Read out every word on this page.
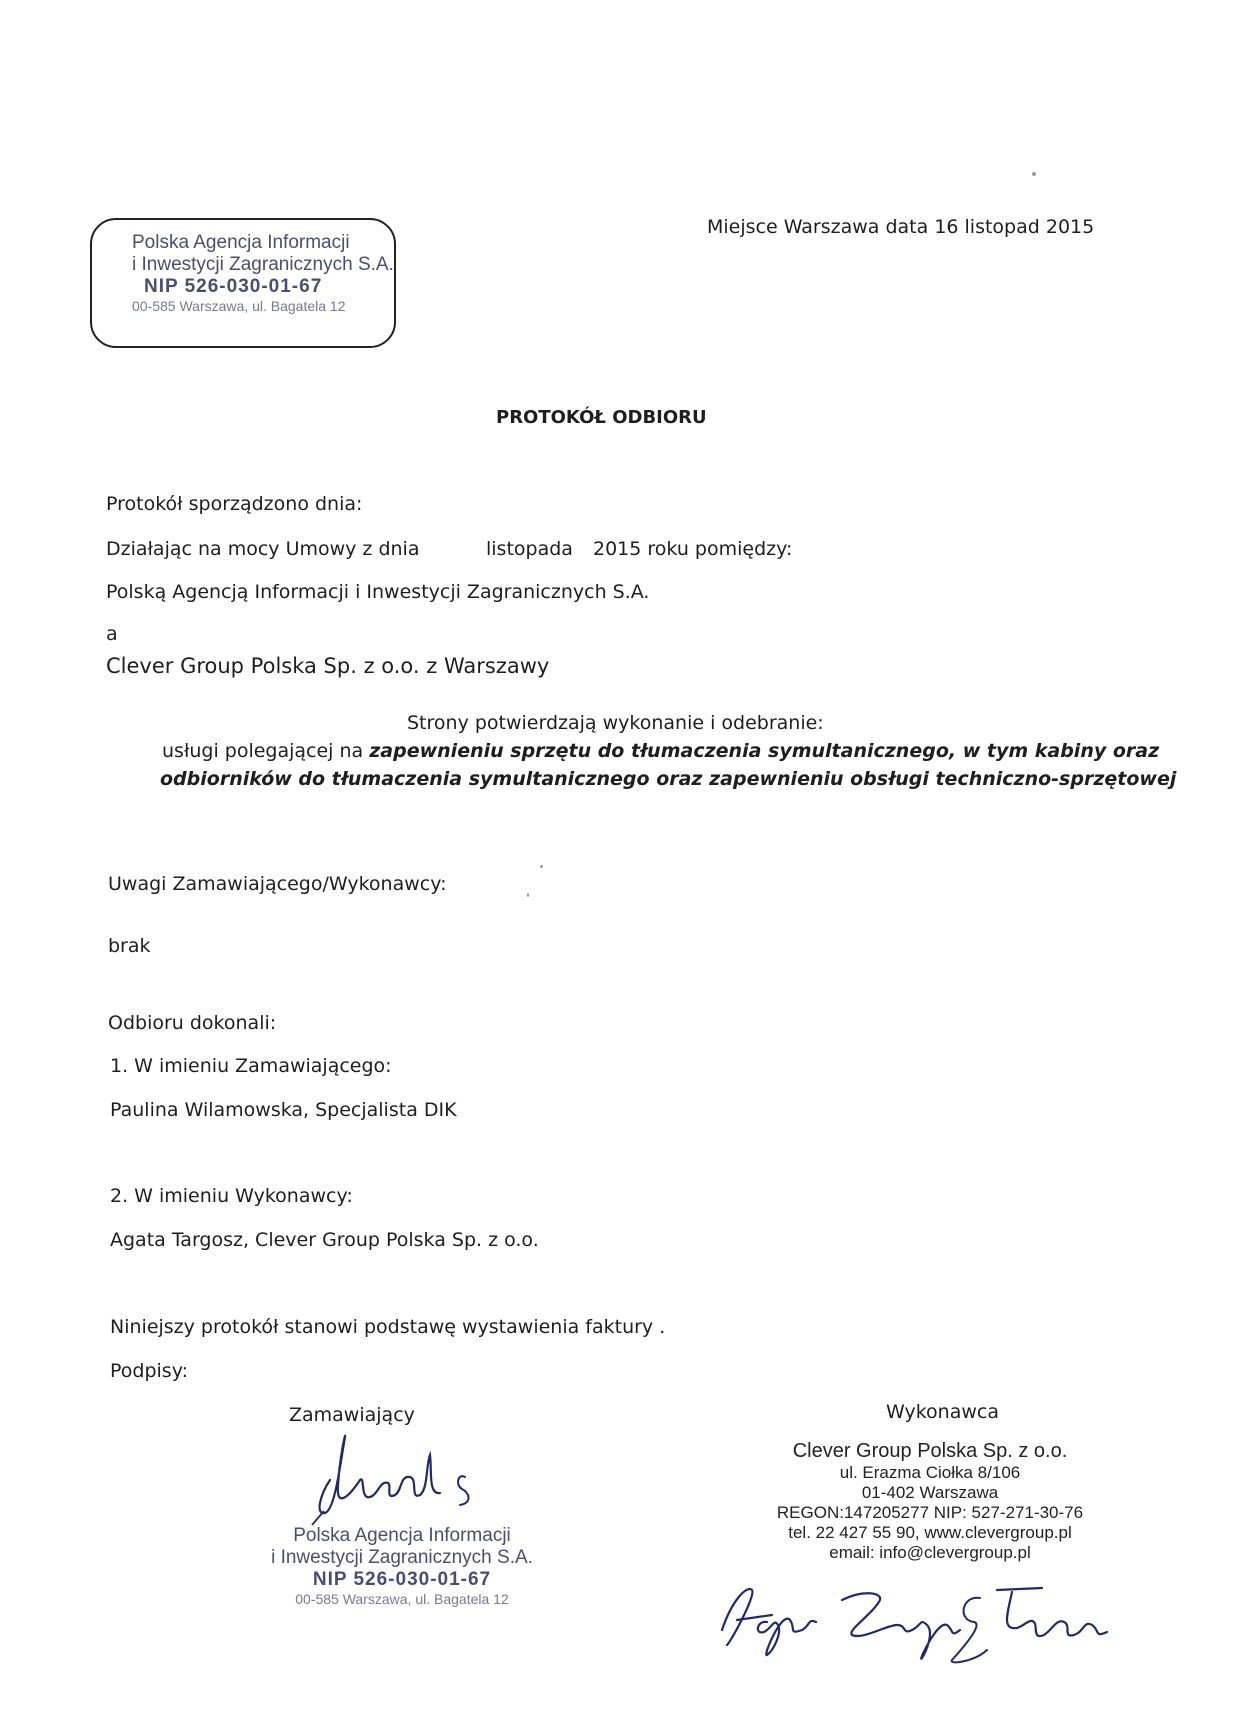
Polska Agencja Informacji
i Inwestycji Zagranicznych S.A.
NIP 526-030-01-67
00-585 Warszawa, ul. Bagatela 12
Miejsce Warszawa data 16 listopad 2015
PROTOKÓŁ ODBIORU
Protokół sporządzono dnia:
Działając na mocy Umowy z dnia	listopada 2015 roku pomiędzy:
Polską Agencją Informacji i Inwestycji Zagranicznych S.A.
a
Clever Group Polska Sp. z o.o. z Warszawy
Strony potwierdzają wykonanie i odebranie:
usługi polegającej na zapewnieniu sprzętu do tłumaczenia symultanicznego, w tym kabiny oraz
odbiorników do tłumaczenia symultanicznego oraz zapewnieniu obsługi techniczno-sprzętowej
Uwagi Zamawiającego/Wykonawcy:
brak
Odbioru dokonali:
1. W imieniu Zamawiającego:
Paulina Wilamowska, Specjalista DIK
2. W imieniu Wykonawcy:
Agata Targosz, Clever Group Polska Sp. z o.o.
Niniejszy protokół stanowi podstawę wystawienia faktury .
Podpisy:
Zamawiający	Wykonawca
Polska Agencja Informacji
i Inwestycji Zagranicznych S.A.
NIP 526-030-01-67
00-585 Warszawa, ul. Bagatela 12
Clever Group Polska Sp. z o.o.
ul. Erazma Ciołka 8/106
01-402 Warszawa
REGON:147205277 NIP: 527-271-30-76
tel. 22 427 55 90, www.clevergroup.pl
email: info@clevergroup.pl
